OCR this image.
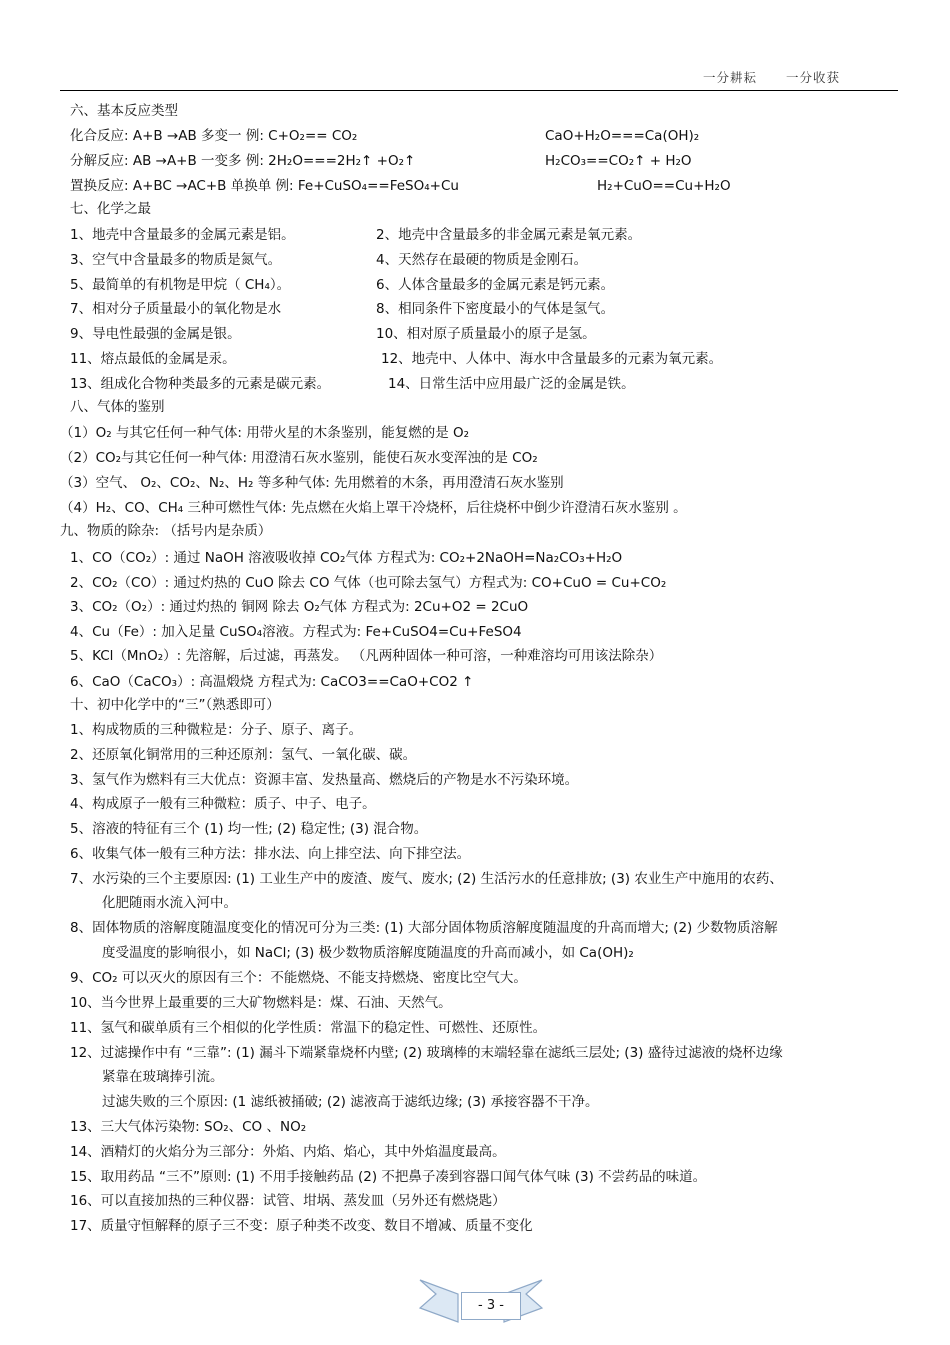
一分耕耘 一分收获
六、基本反应类型
化合反应: A+B →AB 多变一 例: C+O₂== CO₂	CaO+H₂O===Ca(OH)₂
分解反应: AB →A+B 一变多 例: 2H₂O===2H₂↑ +O₂↑	H₂CO₃==CO₂↑ + H₂O
置换反应: A+BC →AC+B 单换单 例: Fe+CuSO₄==FeSO₄+Cu	H₂+CuO==Cu+H₂O
七、化学之最
1、地壳中含量最多的金属元素是铝。	2、地壳中含量最多的非金属元素是氧元素。
3、空气中含量最多的物质是氮气。	4、天然存在最硬的物质是金刚石。
5、最简单的有机物是甲烷（ CH₄）。	6、人体含量最多的金属元素是钙元素。
7、相对分子质量最小的氧化物是水	8、相同条件下密度最小的气体是氢气。
9、导电性最强的金属是银。	10、相对原子质量最小的原子是氢。
11、熔点最低的金属是汞。	12、地壳中、人体中、海水中含量最多的元素为氧元素。
13、组成化合物种类最多的元素是碳元素。	14、日常生活中应用最广泛的金属是铁。
八、气体的鉴别
（1）O₂ 与其它任何一种气体: 用带火星的木条鉴别，能复燃的是 O₂
（2）CO₂与其它任何一种气体: 用澄清石灰水鉴别，能使石灰水变浑浊的是 CO₂
（3）空气、 O₂、CO₂、N₂、H₂ 等多种气体: 先用燃着的木条，再用澄清石灰水鉴别
（4）H₂、CO、CH₄ 三种可燃性气体: 先点燃在火焰上罩干冷烧杯，后往烧杯中倒少许澄清石灰水鉴别 。
九、物质的除杂: （括号内是杂质）
1、CO（CO₂）: 通过 NaOH 溶液吸收掉 CO₂气体 方程式为: CO₂+2NaOH=Na₂CO₃+H₂O
2、CO₂（CO）: 通过灼热的 CuO 除去 CO 气体（也可除去氢气）方程式为: CO+CuO = Cu+CO₂
3、CO₂（O₂）: 通过灼热的 铜网 除去 O₂气体 方程式为: 2Cu+O2 = 2CuO
4、Cu（Fe）: 加入足量 CuSO₄溶液。方程式为: Fe+CuSO4=Cu+FeSO4
5、KCl（MnO₂）: 先溶解，后过滤，再蒸发。 （凡两种固体一种可溶，一种难溶均可用该法除杂）
6、CaO（CaCO₃）: 高温煅烧 方程式为: CaCO3==CaO+CO2 ↑
十、初中化学中的“三”（熟悉即可）
1、构成物质的三种微粒是：分子、原子、离子。
2、还原氧化铜常用的三种还原剂：氢气、一氧化碳、碳。
3、氢气作为燃料有三大优点：资源丰富、发热量高、燃烧后的产物是水不污染环境。
4、构成原子一般有三种微粒：质子、中子、电子。
5、溶液的特征有三个 (1) 均一性; (2) 稳定性; (3) 混合物。
6、收集气体一般有三种方法：排水法、向上排空法、向下排空法。
7、水污染的三个主要原因: (1) 工业生产中的废渣、废气、废水; (2) 生活污水的任意排放; (3) 农业生产中施用的农药、
化肥随雨水流入河中。
8、固体物质的溶解度随温度变化的情况可分为三类: (1) 大部分固体物质溶解度随温度的升高而增大; (2) 少数物质溶解
度受温度的影响很小，如 NaCl; (3) 极少数物质溶解度随温度的升高而减小，如 Ca(OH)₂
9、CO₂ 可以灭火的原因有三个：不能燃烧、不能支持燃烧、密度比空气大。
10、当今世界上最重要的三大矿物燃料是：煤、石油、天然气。
11、氢气和碳单质有三个相似的化学性质：常温下的稳定性、可燃性、还原性。
12、过滤操作中有 “三靠”: (1) 漏斗下端紧靠烧杯内壁; (2) 玻璃棒的末端轻靠在滤纸三层处; (3) 盛待过滤液的烧杯边缘
紧靠在玻璃捧引流。
过滤失败的三个原因: (1 滤纸被捅破; (2) 滤液高于滤纸边缘; (3) 承接容器不干净。
13、三大气体污染物: SO₂、CO 、NO₂
14、酒精灯的火焰分为三部分：外焰、内焰、焰心，其中外焰温度最高。
15、取用药品 “三不”原则: (1) 不用手接触药品 (2) 不把鼻子凑到容器口闻气体气味 (3) 不尝药品的味道。
16、可以直接加热的三种仪器：试管、坩埚、蒸发皿（另外还有燃烧匙）
17、质量守恒解释的原子三不变：原子种类不改变、数目不增减、质量不变化
- 3 -
